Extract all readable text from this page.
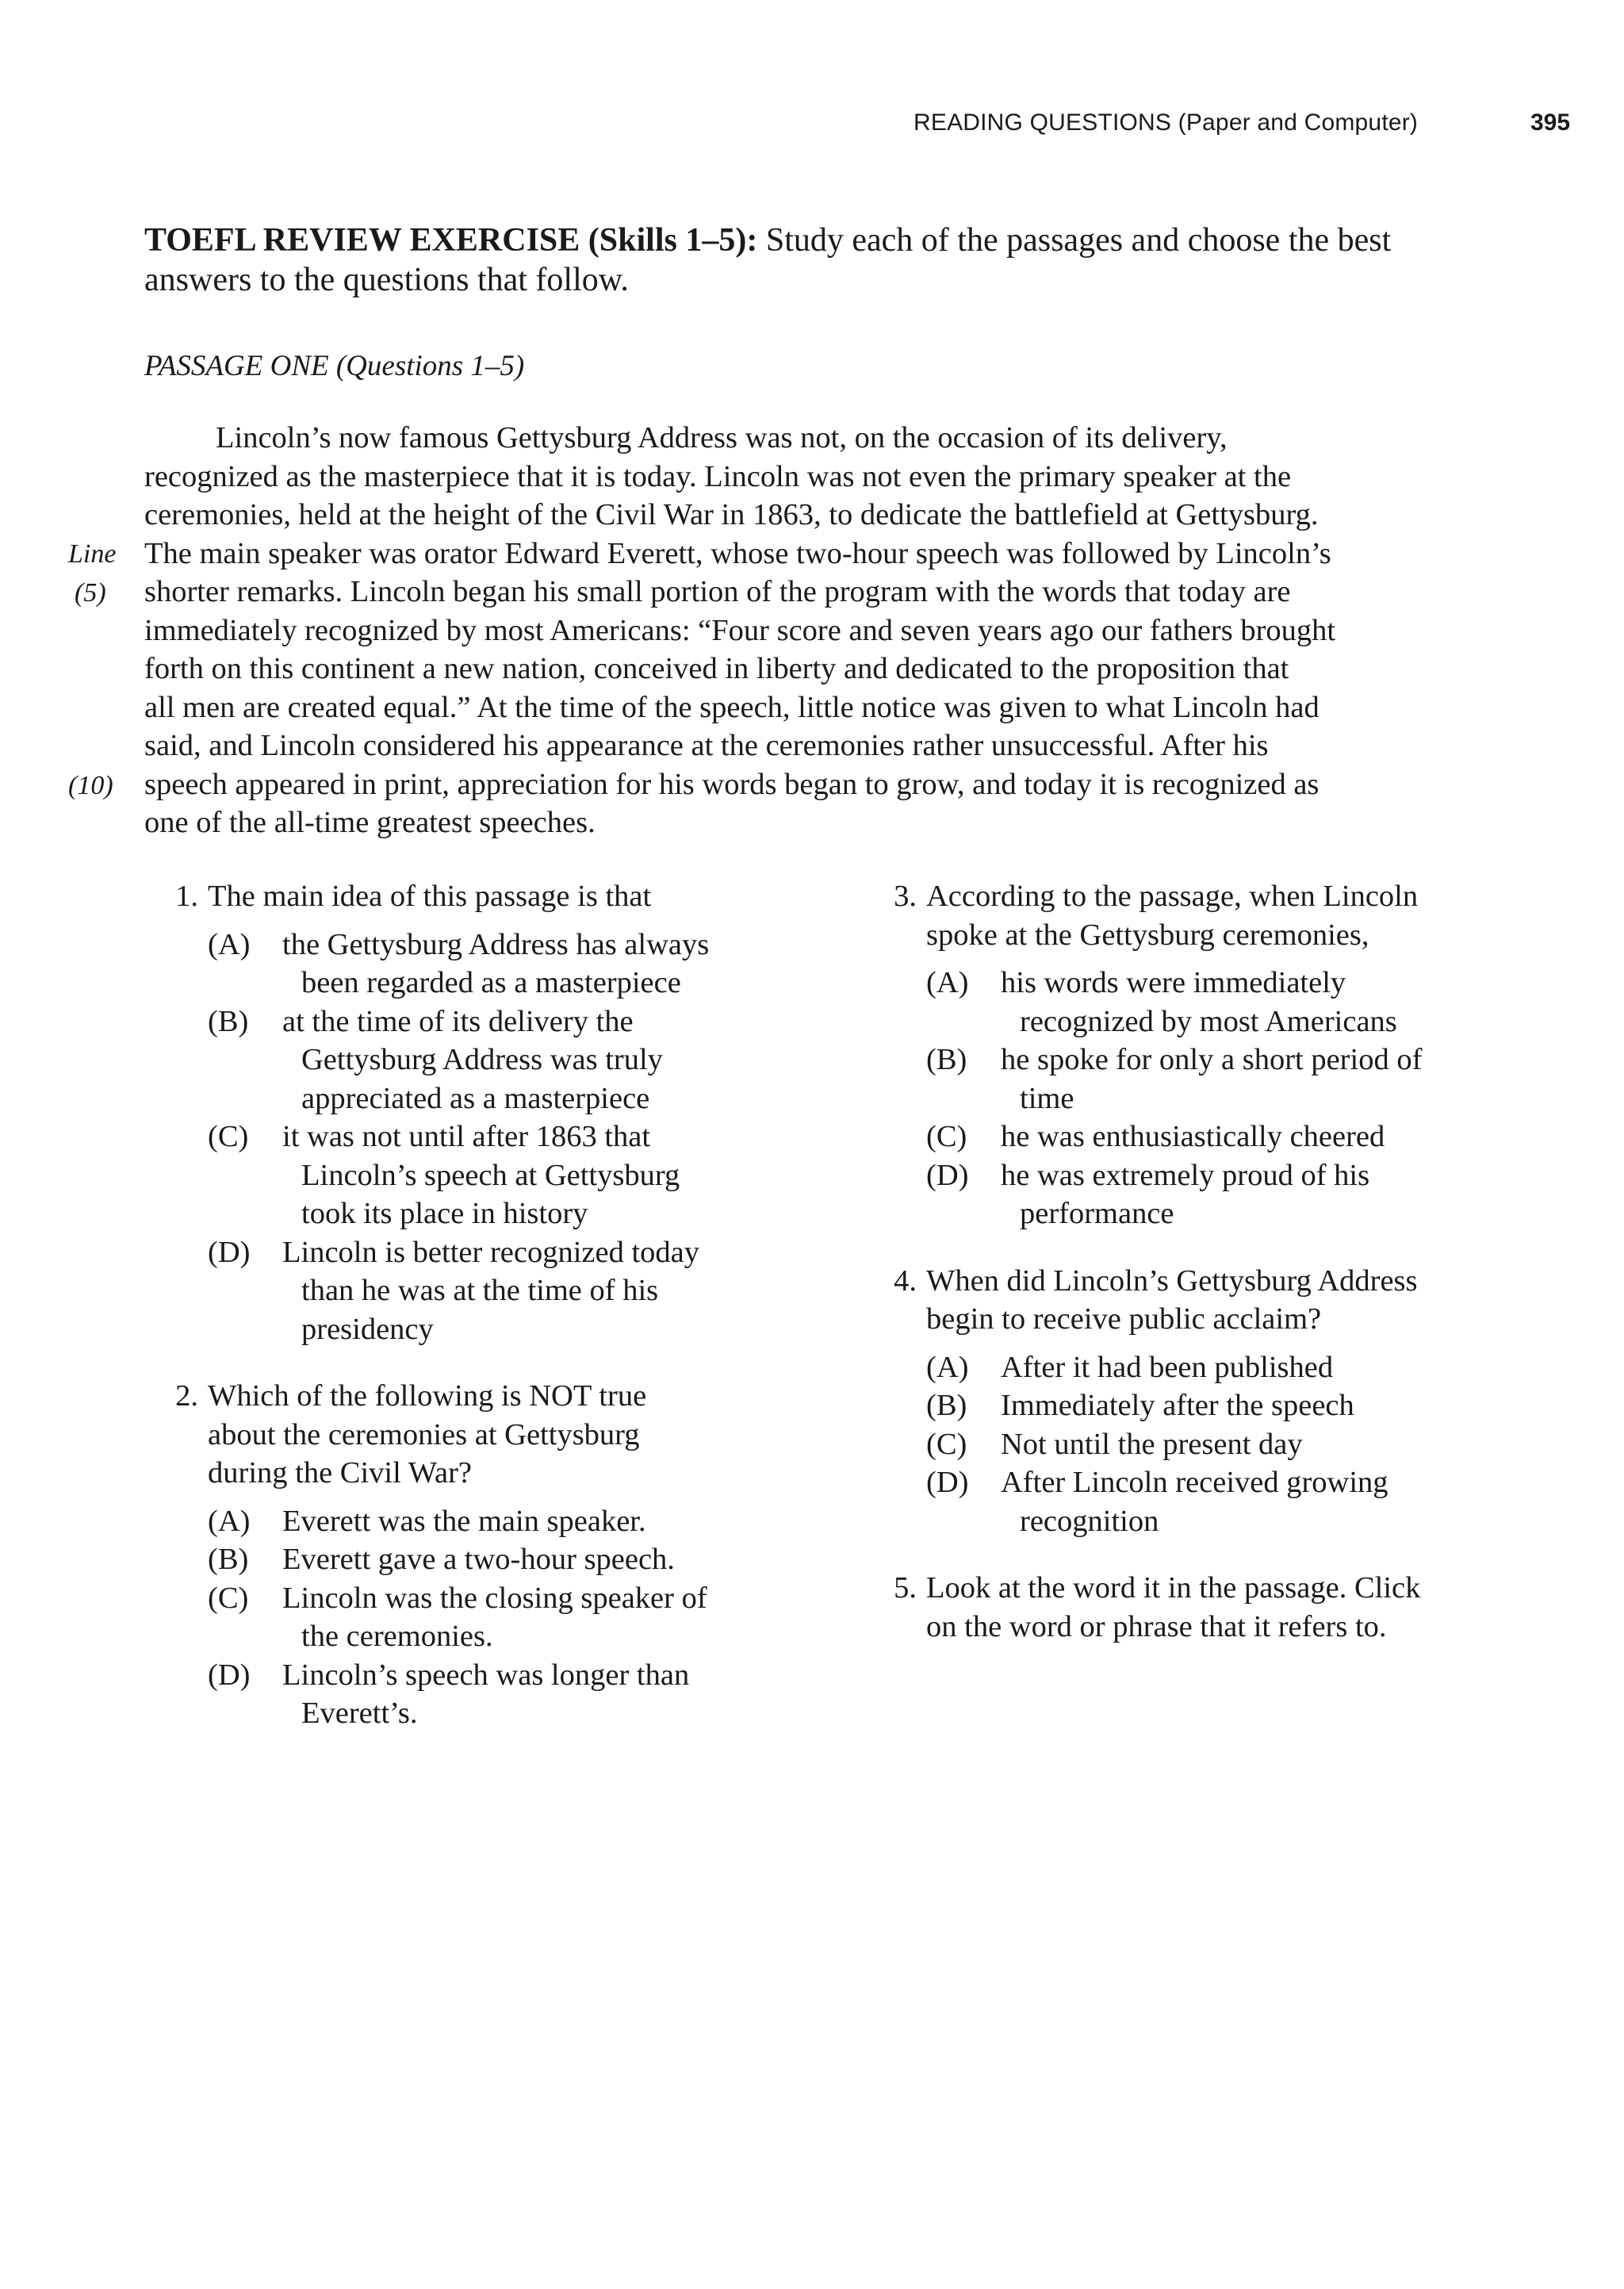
READING QUESTIONS (Paper and Computer)	395
TOEFL REVIEW EXERCISE (Skills 1–5): Study each of the passages and choose the best
answers to the questions that follow.
PASSAGE ONE (Questions 1–5)
Line
(5)
(10)
Lincoln’s now famous Gettysburg Address was not, on the occasion of its delivery,
recognized as the masterpiece that it is today. Lincoln was not even the primary speaker at the
ceremonies, held at the height of the Civil War in 1863, to dedicate the battlefield at Gettysburg.
The main speaker was orator Edward Everett, whose two-hour speech was followed by Lincoln’s
shorter remarks. Lincoln began his small portion of the program with the words that today are
immediately recognized by most Americans: “Four score and seven years ago our fathers brought
forth on this continent a new nation, conceived in liberty and dedicated to the proposition that
all men are created equal.” At the time of the speech, little notice was given to what Lincoln had
said, and Lincoln considered his appearance at the ceremonies rather unsuccessful. After his
speech appeared in print, appreciation for his words began to grow, and today it is recognized as
one of the all-time greatest speeches.
1. The main idea of this passage is that
(A) the Gettysburg Address has always
been regarded as a masterpiece
(B) at the time of its delivery the
Gettysburg Address was truly
appreciated as a masterpiece
(C) it was not until after 1863 that
Lincoln’s speech at Gettysburg
took its place in history
(D) Lincoln is better recognized today
than he was at the time of his
presidency
2. Which of the following is NOT true
about the ceremonies at Gettysburg
during the Civil War?
(A) Everett was the main speaker.
(B) Everett gave a two-hour speech.
(C) Lincoln was the closing speaker of
the ceremonies.
(D) Lincoln’s speech was longer than
Everett’s.
3. According to the passage, when Lincoln
spoke at the Gettysburg ceremonies,
(A) his words were immediately
recognized by most Americans
(B) he spoke for only a short period of
time
(C) he was enthusiastically cheered
(D) he was extremely proud of his
performance
4. When did Lincoln’s Gettysburg Address
begin to receive public acclaim?
(A) After it had been published
(B) Immediately after the speech
(C) Not until the present day
(D) After Lincoln received growing
recognition
5. Look at the word it in the passage. Click
on the word or phrase that it refers to.
